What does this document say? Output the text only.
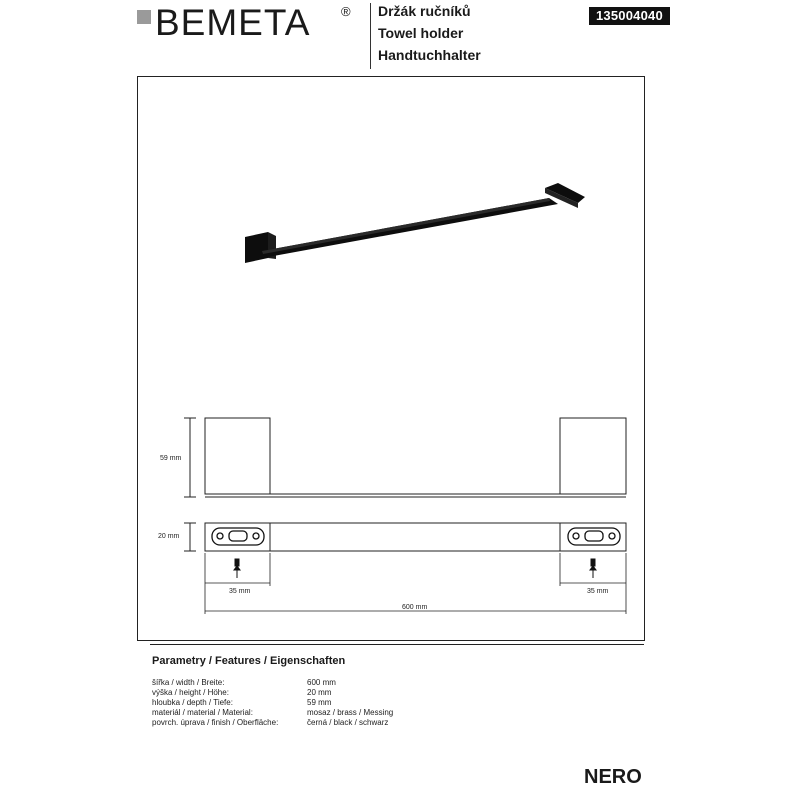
BEMETA ® Držák ručníků
Towel holder
Handtuchhalter
135004040
59 mm
20 mm
35 mm	35 mm
600 mm
Parametry / Features / Eigenschaften
šířka / width / Breite:	600 mm
výška / height / Höhe:	20 mm
hloubka / depth / Tiefe:	59 mm
materiál / material / Material:	mosaz / brass / Messing
povrch. úprava / finish / Oberfläche:	černá / black / schwarz
NERO
